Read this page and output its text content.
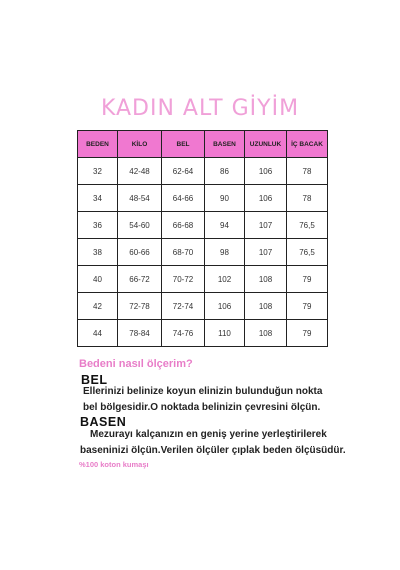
KADIN ALT GİYİM
BEDEN	KİLO	BEL	BASEN	UZUNLUK	İÇ BACAK
32	42-48	62-64	86	106	78
34	48-54	64-66	90	106	78
36	54-60	66-68	94	107	76,5
38	60-66	68-70	98	107	76,5
40	66-72	70-72	102	108	79
42	72-78	72-74	106	108	79
44	78-84	74-76	110	108	79
Bedeni nasıl ölçerim?
BEL
Ellerinizi belinize koyun elinizin bulunduğun nokta
bel bölgesidir.O noktada belinizin çevresini ölçün.
BASEN
Mezurayı kalçanızın en geniş yerine yerleştirilerek
baseninizi ölçün.Verilen ölçüler çıplak beden ölçüsüdür.
%100 koton kumaşı
